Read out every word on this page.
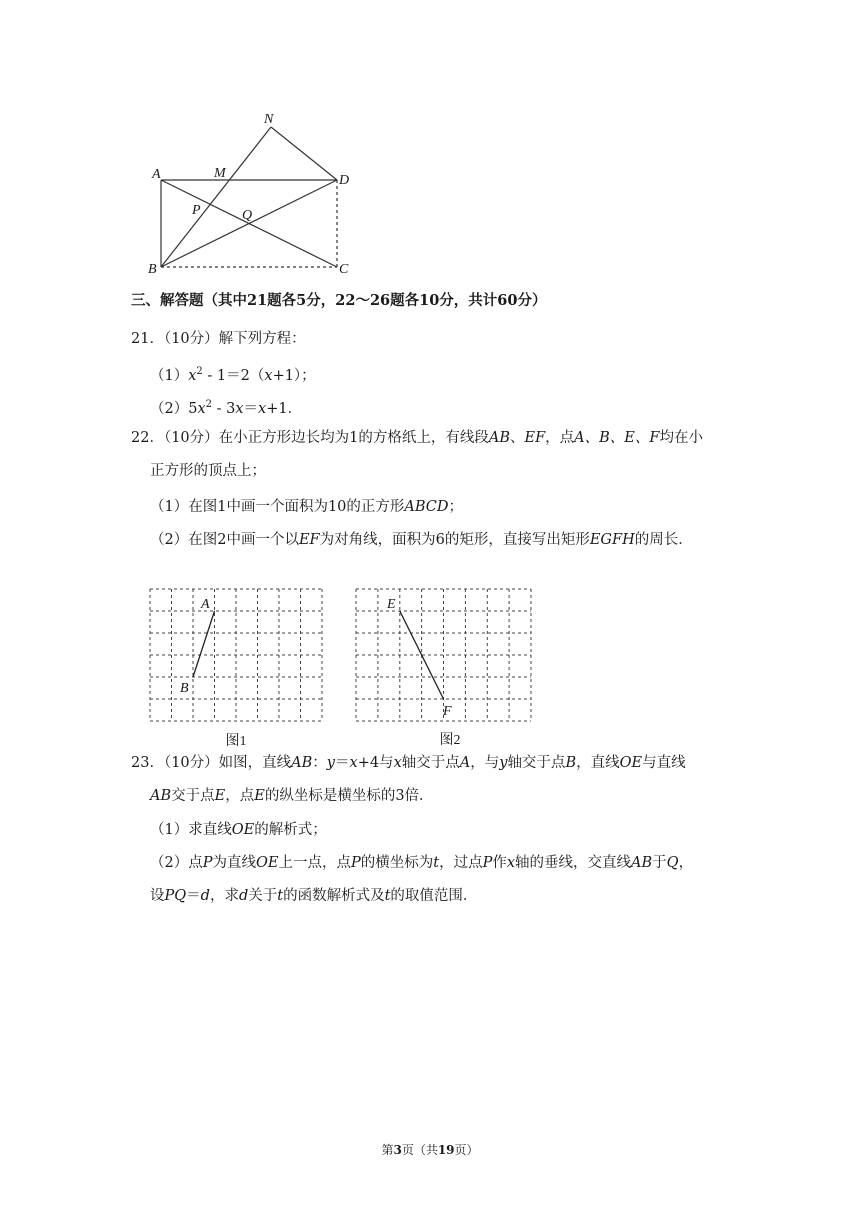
N
A	M	D
P	Q
B	C
三、解答题（其中21题各5分，22～26题各10分，共计60分）
21．（10分）解下列方程：
$(1)x^2 - 1=2(x+1)$；
$(2)5x^2 - 3x=x+1$．
22．（10分）在小正方形边长均为1的方格纸上，有线段AB、EF，点A、B、E、F均在小
正方形的顶点上；
（1）在图1中画一个面积为10的正方形ABCD；
（2）在图2中画一个以EF为对角线，面积为6的矩形，直接写出矩形EGFH的周长．
A
B
图1
E
F
图2
23．（10分）如图，直线AB：y＝x+4与x轴交于点A，与y轴交于点B，直线OE与直线
AB交于点E，点E的纵坐标是横坐标的3倍．
（1）求直线OE的解析式；
（2）点P为直线OE上一点，点P的横坐标为t，过点P作x轴的垂线，交直线AB于Q，
设PQ＝d，求d关于t的函数解析式及t的取值范围．
第3页（共19页）
